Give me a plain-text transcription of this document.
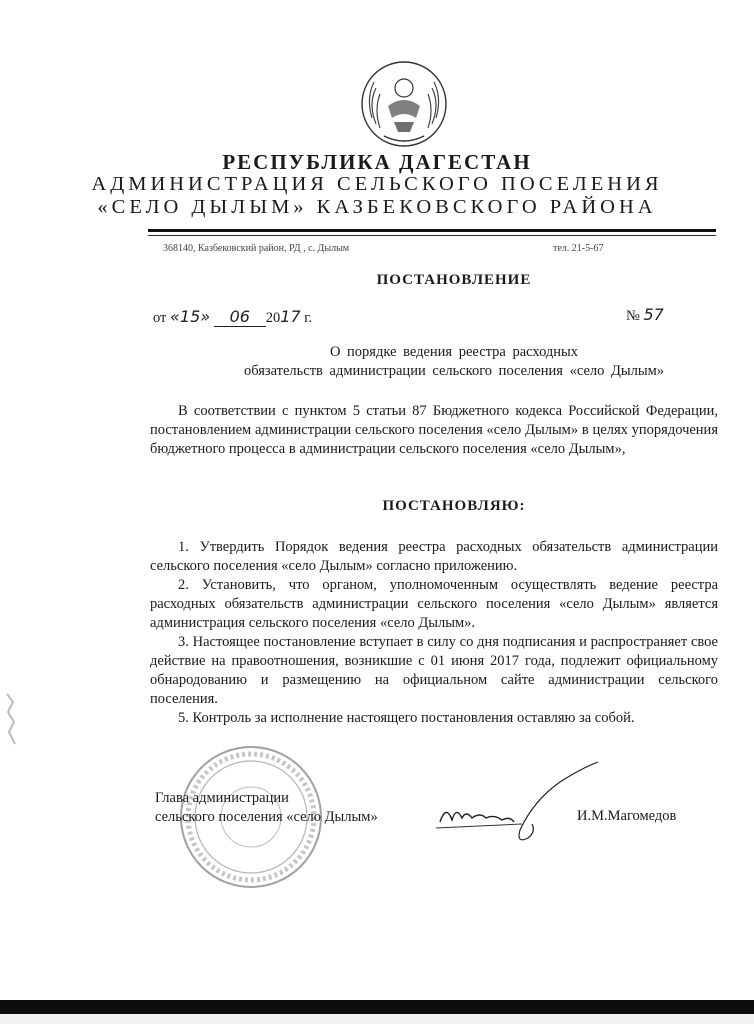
РЕСПУБЛИКА ДАГЕСТАН
АДМИНИСТРАЦИЯ СЕЛЬСКОГО ПОСЕЛЕНИЯ
«СЕЛО ДЫЛЫМ» КАЗБЕКОВСКОГО РАЙОНА
368140, Казбековский район, РД , с. Дылым	тел. 21-5-67
ПОСТАНОВЛЕНИЕ
от «15» 06 2017 г.	№ 57
О порядке ведения реестра расходных
обязательств администрации сельского поселения «село Дылым»

В соответствии с пунктом 5 статьи 87 Бюджетного кодекса Российской Федерации, постановлением администрации сельского поселения «село Дылым» в целях упорядочения бюджетного процесса в администрации сельского поселения «село Дылым»,

ПОСТАНОВЛЯЮ:

1. Утвердить Порядок ведения реестра расходных обязательств администрации сельского поселения «село Дылым» согласно приложению.

2. Установить, что органом, уполномоченным осуществлять ведение реестра расходных обязательств администрации сельского поселения «село Дылым» является администрация сельского поселения «село Дылым».

3. Настоящее постановление вступает в силу со дня подписания и распространяет свое действие на правоотношения, возникшие с 01 июня 2017 года, подлежит официальному обнародованию и размещению на официальном сайте администрации сельского поселения.

5. Контроль за исполнение настоящего постановления оставляю за собой.

Глава администрации
сельского поселения «село Дылым»	И.М.Магомедов
